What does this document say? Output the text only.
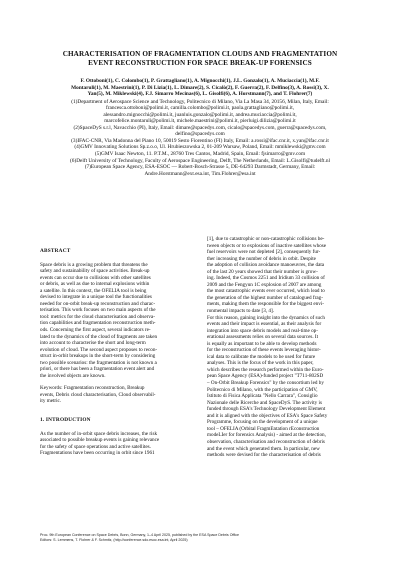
CHARACTERISATION OF FRAGMENTATION CLOUDS AND FRAGMENTATION
EVENT RECONSTRUCTION FOR SPACE BREAK-UP FORENSICS
F. Ottoboni(1), C. Colombo(1), P. Grattagliano(1), A. Mignocchi(1), J.L. Gonzalo(1), A. Muciaccia(1), M.F.
Montaruli(1), M. Maestrini(1), P. Di Lizia(1), L. Dimare(2), S. Cicalò(2), F. Guerra(2), F. Delfino(3), A. Rossi(3), X.
Yan(5), M. Miklewski(4), F.J. Simarro Mecinas(6), L. Gisolfi(6), A. Horstmann(7), and T. Flohrer(7)
(1)Department of Aerospace Science and Technology, Politecnico di Milano, Via La Masa 34, 20156, Milan, Italy, Email:
francesca.ottoboni@polimi.it, camilla.colombo@polimi.it, paola.grattagliano@polimi.it,
alessandro.mignocchi@polimi.it, juanluis.gonzalo@polimi.it, andrea.muciaccia@polimi.it,
marcofelice.montaruli@polimi.it, michele.maestrini@polimi.it, pierluigi.dilizia@polimi.it
(2)SpaceDyS s.r.l, Navacchio (PI), Italy, Email: dimare@spacedys.com, cicalo@spacedys.com, guerra@spacedys.com,
delfino@spacedys.com
(3)IFAC-CNR, Via Madonna del Piano 10, 50019 Sesto Fiorentino (FI) Italy, Email: a.rossi@ifac.cnr.it, x.yan@ifac.cnr.it
(4)GMV Innovating Solutions Sp.z.o.o, Ul. Hrubieszowska 2, 01-209 Warsaw, Poland, Email: mmiklewski@gmv.com
(5)GMV Isaac Newton, 11. P.T.M., 28760 Tres Cantos, Madrid, Spain, Email: fjsimarro@gmv.com
(6)Delft University of Technology, Faculty of Aerospace Engineering, Delft, The Netherlands, Email: L.Gisolfi@tudelft.nl
(7)European Space Agency, ESA-ESOC — Robert-Bosch-Strasse 5, DE-64293 Darmstadt, Germany, Email:
Andre.Horstmann@ext.esa.int, Tim.Flohrer@esa.int
ABSTRACT
Space debris is a growing problem that threatens the
safety and sustainability of space activities. Break-up
events can occur due to collisions with other satellites
or debris, as well as due to internal explosions within
a satellite. In this context, the OFELIA tool is being
devised to integrate in a unique tool the functionalities
needed for on-orbit break-up reconstruction and charac-
terisation. This work focuses on two main aspects of the
tool: metrics for the cloud characterisation and observa-
tion capabilities and fragmentation reconstruction meth-
ods. Concerning the first aspect, several indicators re-
lated to the dynamics of the cloud of fragments are taken
into account to characterise the short and long-term
evolution of cloud. The second aspect proposes to recon-
struct in-orbit breakups in the short-term by considering
two possible scenarios: the fragmentation is not known a
priori, or there has been a fragmentation event alert and
the involved objects are known.
Keywords: Fragmentation reconstruction, Breakup
events, Debris cloud characterisation, Cloud observabil-
ity metric.
1. INTRODUCTION
As the number of in-orbit space debris increases, the risk
associated to possible breakup events is gaining relevance
for the safety of space operations and active satellites.
Fragmentations have been occurring in orbit since 1961
[1], due to catastrophic or non-catastrophic collisions be-
tween objects or to explosions of inactive satellites whose
fuel reservoirs were not depleted [2], consequently fur-
ther increasing the number of debris in orbit. Despite
the adoption of collision avoidance manoeuvres, the data
of the last 20 years showed that their number is grow-
ing. Indeed, the Cosmos 2251 and Iridium 33 collision of
2009 and the Fengyun 1C explosion of 2007 are among
the most catastrophic events ever occurred, which lead to
the generation of the highest number of catalogued frag-
ments, making them the responsible for the biggest envi-
ronmental impacts to date [3, 4].
For this reason, gaining insight into the dynamics of such
events and their impact is essential, as their analysis for
integration into space debris models and real-time op-
erational assessments relies on several data sources. It
is equally as important to be able to develop methods
for the reconstruction of these events leveraging histor-
ical data to calibrate the models to be used for future
analyses. This is the focus of the work in this paper,
which describes the research performed within the Euro-
pean Space Agency (ESA)-funded project "T711-802SD
– On-Orbit Breakup Forensics" by the consortium led by
Politecnico di Milano, with the participation of GMV,
Istituto di Fisica Applicata "Nello Carrara", Consiglio
Nazionale delle Ricerche and SpaceDyS. The activity is
funded through ESA's Technology Development Element
and it is aligned with the objectives of ESA's Space Safety
Programme, focusing on the development of a unique
tool – OFELIA (Orbital FragmEntation rEconstruction
modeLIer for forensics Analysis) - aimed at the detection,
observation, characterisation and reconstruction of debris
and the event which generated them. In particular, new
methods were devised for the characterisation of debris
Proc. 9th European Conference on Space Debris, Bonn, Germany, 1–4 April 2025, published by the ESA Space Debris Office
Editors: S. Lemmens, T. Flohrer & F. Schmitz, (http://conference.sdo.esoc.esa.int, April 2025)
